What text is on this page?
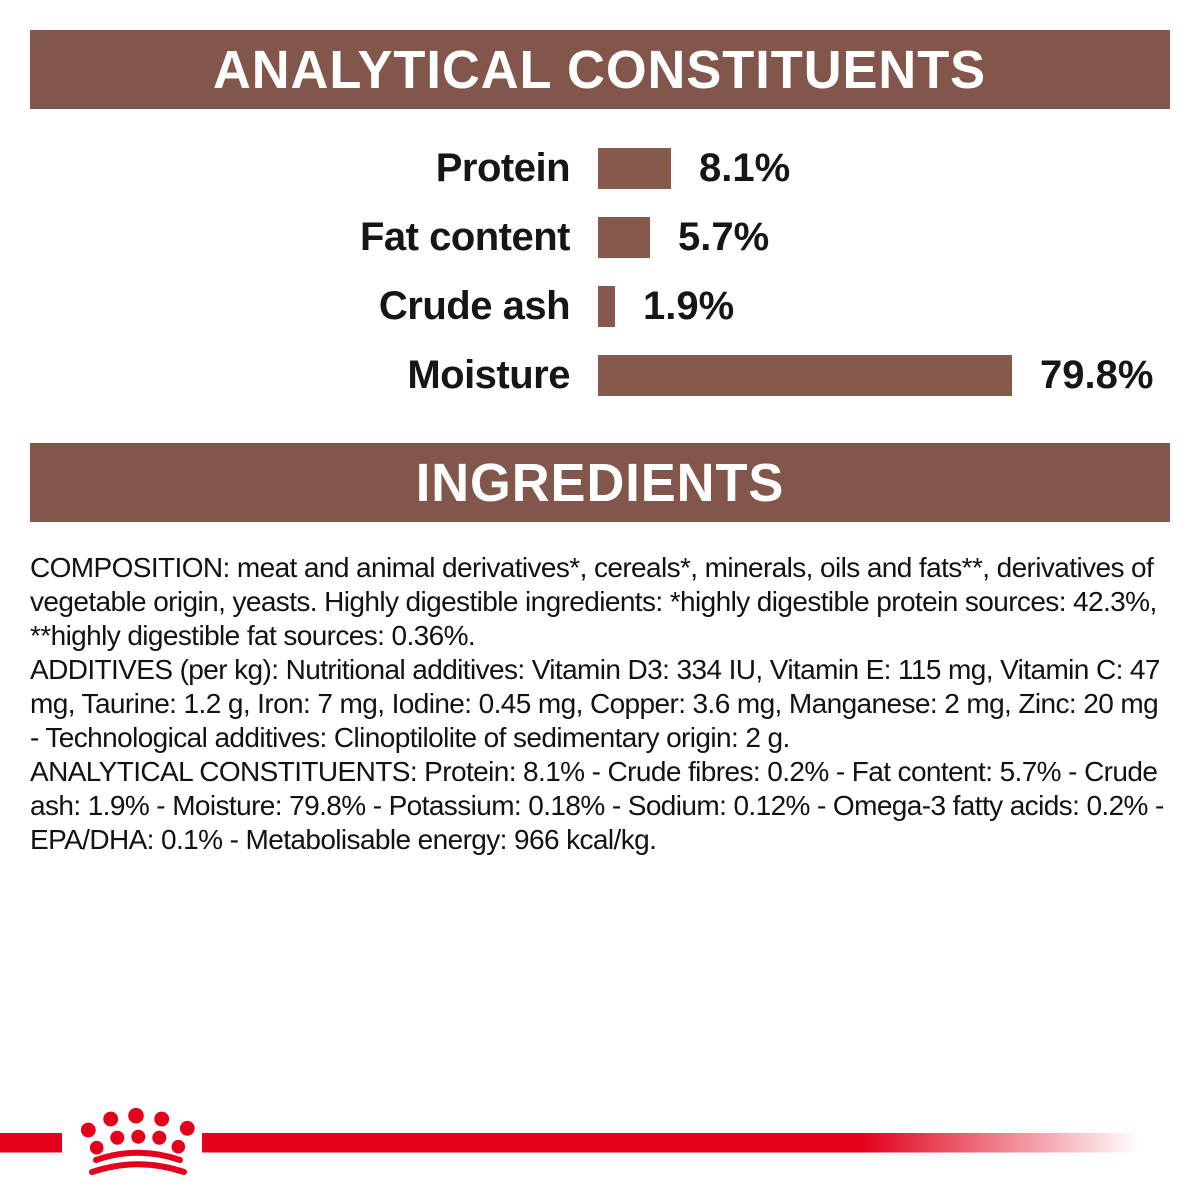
ANALYTICAL CONSTITUENTS
Protein	8.1%
Fat content	5.7%
Crude ash	1.9%
Moisture	79.8%
INGREDIENTS

COMPOSITION: meat and animal derivatives*, cereals*, minerals, oils and fats**, derivatives of vegetable origin, yeasts. Highly digestible ingredients: *highly digestible protein sources: 42.3%, **highly digestible fat sources: 0.36%.

ADDITIVES (per kg): Nutritional additives: Vitamin D3: 334 IU, Vitamin E: 115 mg, Vitamin C: 47 mg, Taurine: 1.2 g, Iron: 7 mg, Iodine: 0.45 mg, Copper: 3.6 mg, Manganese: 2 mg, Zinc: 20 mg - Technological additives: Clinoptilolite of sedimentary origin: 2 g.

ANALYTICAL CONSTITUENTS: Protein: 8.1% - Crude fibres: 0.2% - Fat content: 5.7% - Crude ash: 1.9% - Moisture: 79.8% - Potassium: 0.18% - Sodium: 0.12% - Omega-3 fatty acids: 0.2% - EPA/DHA: 0.1% - Metabolisable energy: 966 kcal/kg.
